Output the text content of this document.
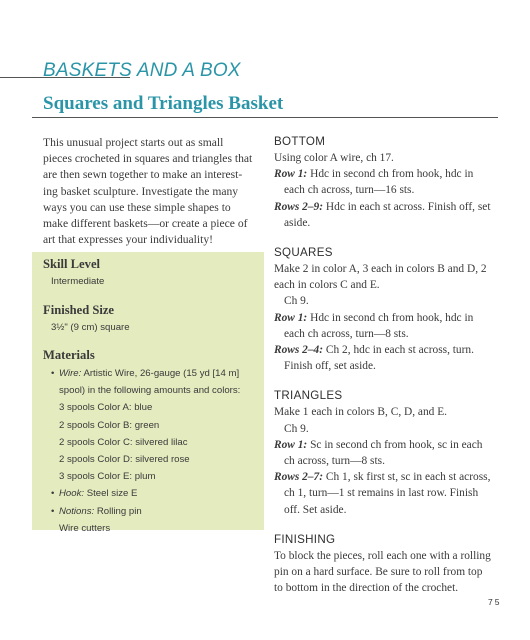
BASKETS AND A BOX
Squares and Triangles Basket
This unusual project starts out as small
pieces crocheted in squares and triangles that
are then sewn together to make an interest-
ing basket sculpture. Investigate the many
ways you can use these simple shapes to
make different baskets—or create a piece of
art that expresses your individuality!
Skill Level
Intermediate
Finished Size
3½" (9 cm) square
Materials
• Wire: Artistic Wire, 26-gauge (15 yd [14 m]
spool) in the following amounts and colors:
3 spools Color A: blue
2 spools Color B: green
2 spools Color C: silvered lilac
2 spools Color D: silvered rose
3 spools Color E: plum
• Hook: Steel size E
• Notions: Rolling pin
Wire cutters
BOTTOM
Using color A wire, ch 17.
Row 1: Hdc in second ch from hook, hdc in
each ch across, turn—16 sts.
Rows 2–9: Hdc in each st across. Finish off, set
aside.
SQUARES
Make 2 in color A, 3 each in colors B and D, 2
each in colors C and E.
Ch 9.
Row 1: Hdc in second ch from hook, hdc in
each ch across, turn—8 sts.
Rows 2–4: Ch 2, hdc in each st across, turn.
Finish off, set aside.
TRIANGLES
Make 1 each in colors B, C, D, and E.
Ch 9.
Row 1: Sc in second ch from hook, sc in each
ch across, turn—8 sts.
Rows 2–7: Ch 1, sk first st, sc in each st across,
ch 1, turn—1 st remains in last row. Finish
off. Set aside.
FINISHING
To block the pieces, roll each one with a rolling
pin on a hard surface. Be sure to roll from top
to bottom in the direction of the crochet.
75
